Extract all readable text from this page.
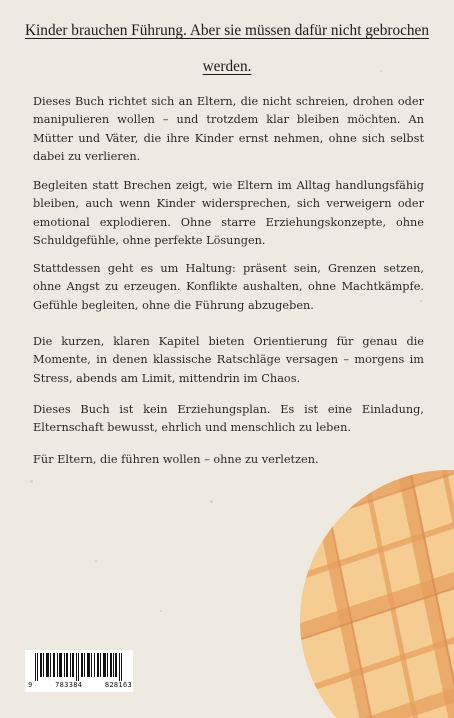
Kinder brauchen Führung. Aber sie müssen dafür nicht gebrochen
werden.

Dieses Buch richtet sich an Eltern, die nicht schreien, drohen oder manipulieren wollen – und trotzdem klar bleiben möchten. An Mütter und Väter, die ihre Kinder ernst nehmen, ohne sich selbst dabei zu verlieren.

Begleiten statt Brechen zeigt, wie Eltern im Alltag handlungsfähig bleiben, auch wenn Kinder widersprechen, sich verweigern oder emotional explodieren. Ohne starre Erziehungskonzepte, ohne Schuldgefühle, ohne perfekte Lösungen.

Stattdessen geht es um Haltung: präsent sein, Grenzen setzen, ohne Angst zu erzeugen. Konflikte aushalten, ohne Machtkämpfe. Gefühle begleiten, ohne die Führung abzugeben.

Die kurzen, klaren Kapitel bieten Orientierung für genau die Momente, in denen klassische Ratschläge versagen – morgens im Stress, abends am Limit, mittendrin im Chaos.

Dieses Buch ist kein Erziehungsplan. Es ist eine Einladung, Elternschaft bewusst, ehrlich und menschlich zu leben.

Für Eltern, die führen wollen – ohne zu verletzen.

9	783384	828163
